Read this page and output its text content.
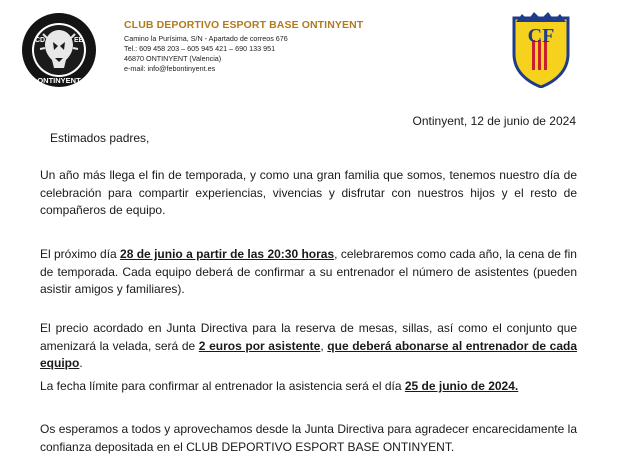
CD	EB
ONTINYENT
CLUB DEPORTIVO ESPORT BASE ONTINYENT
Camino la Purísima, S/N - Apartado de correos 676
Tel.: 609 458 203 – 605 945 421 – 690 133 951
46870 ONTINYENT (Valencia)
e-mail: info@febontinyent.es
CF
Ontinyent, 12 de junio de 2024
Estimados padres,

Un año más llega el fin de temporada, y como una gran familia que somos, tenemos nuestro día de celebración para compartir experiencias, vivencias y disfrutar con nuestros hijos y el resto de compañeros de equipo.

El próximo día 28 de junio a partir de las 20:30 horas, celebraremos como cada año, la cena de fin de temporada. Cada equipo deberá de confirmar a su entrenador el número de asistentes (pueden asistir amigos y familiares).

El precio acordado en Junta Directiva para la reserva de mesas, sillas, así como el conjunto que amenizará la velada, será de 2 euros por asistente, que deberá abonarse al entrenador de cada equipo.

La fecha límite para confirmar al entrenador la asistencia será el día 25 de junio de 2024.

Os esperamos a todos y aprovechamos desde la Junta Directiva para agradecer encarecidamente la confianza depositada en el CLUB DEPORTIVO ESPORT BASE ONTINYENT.
